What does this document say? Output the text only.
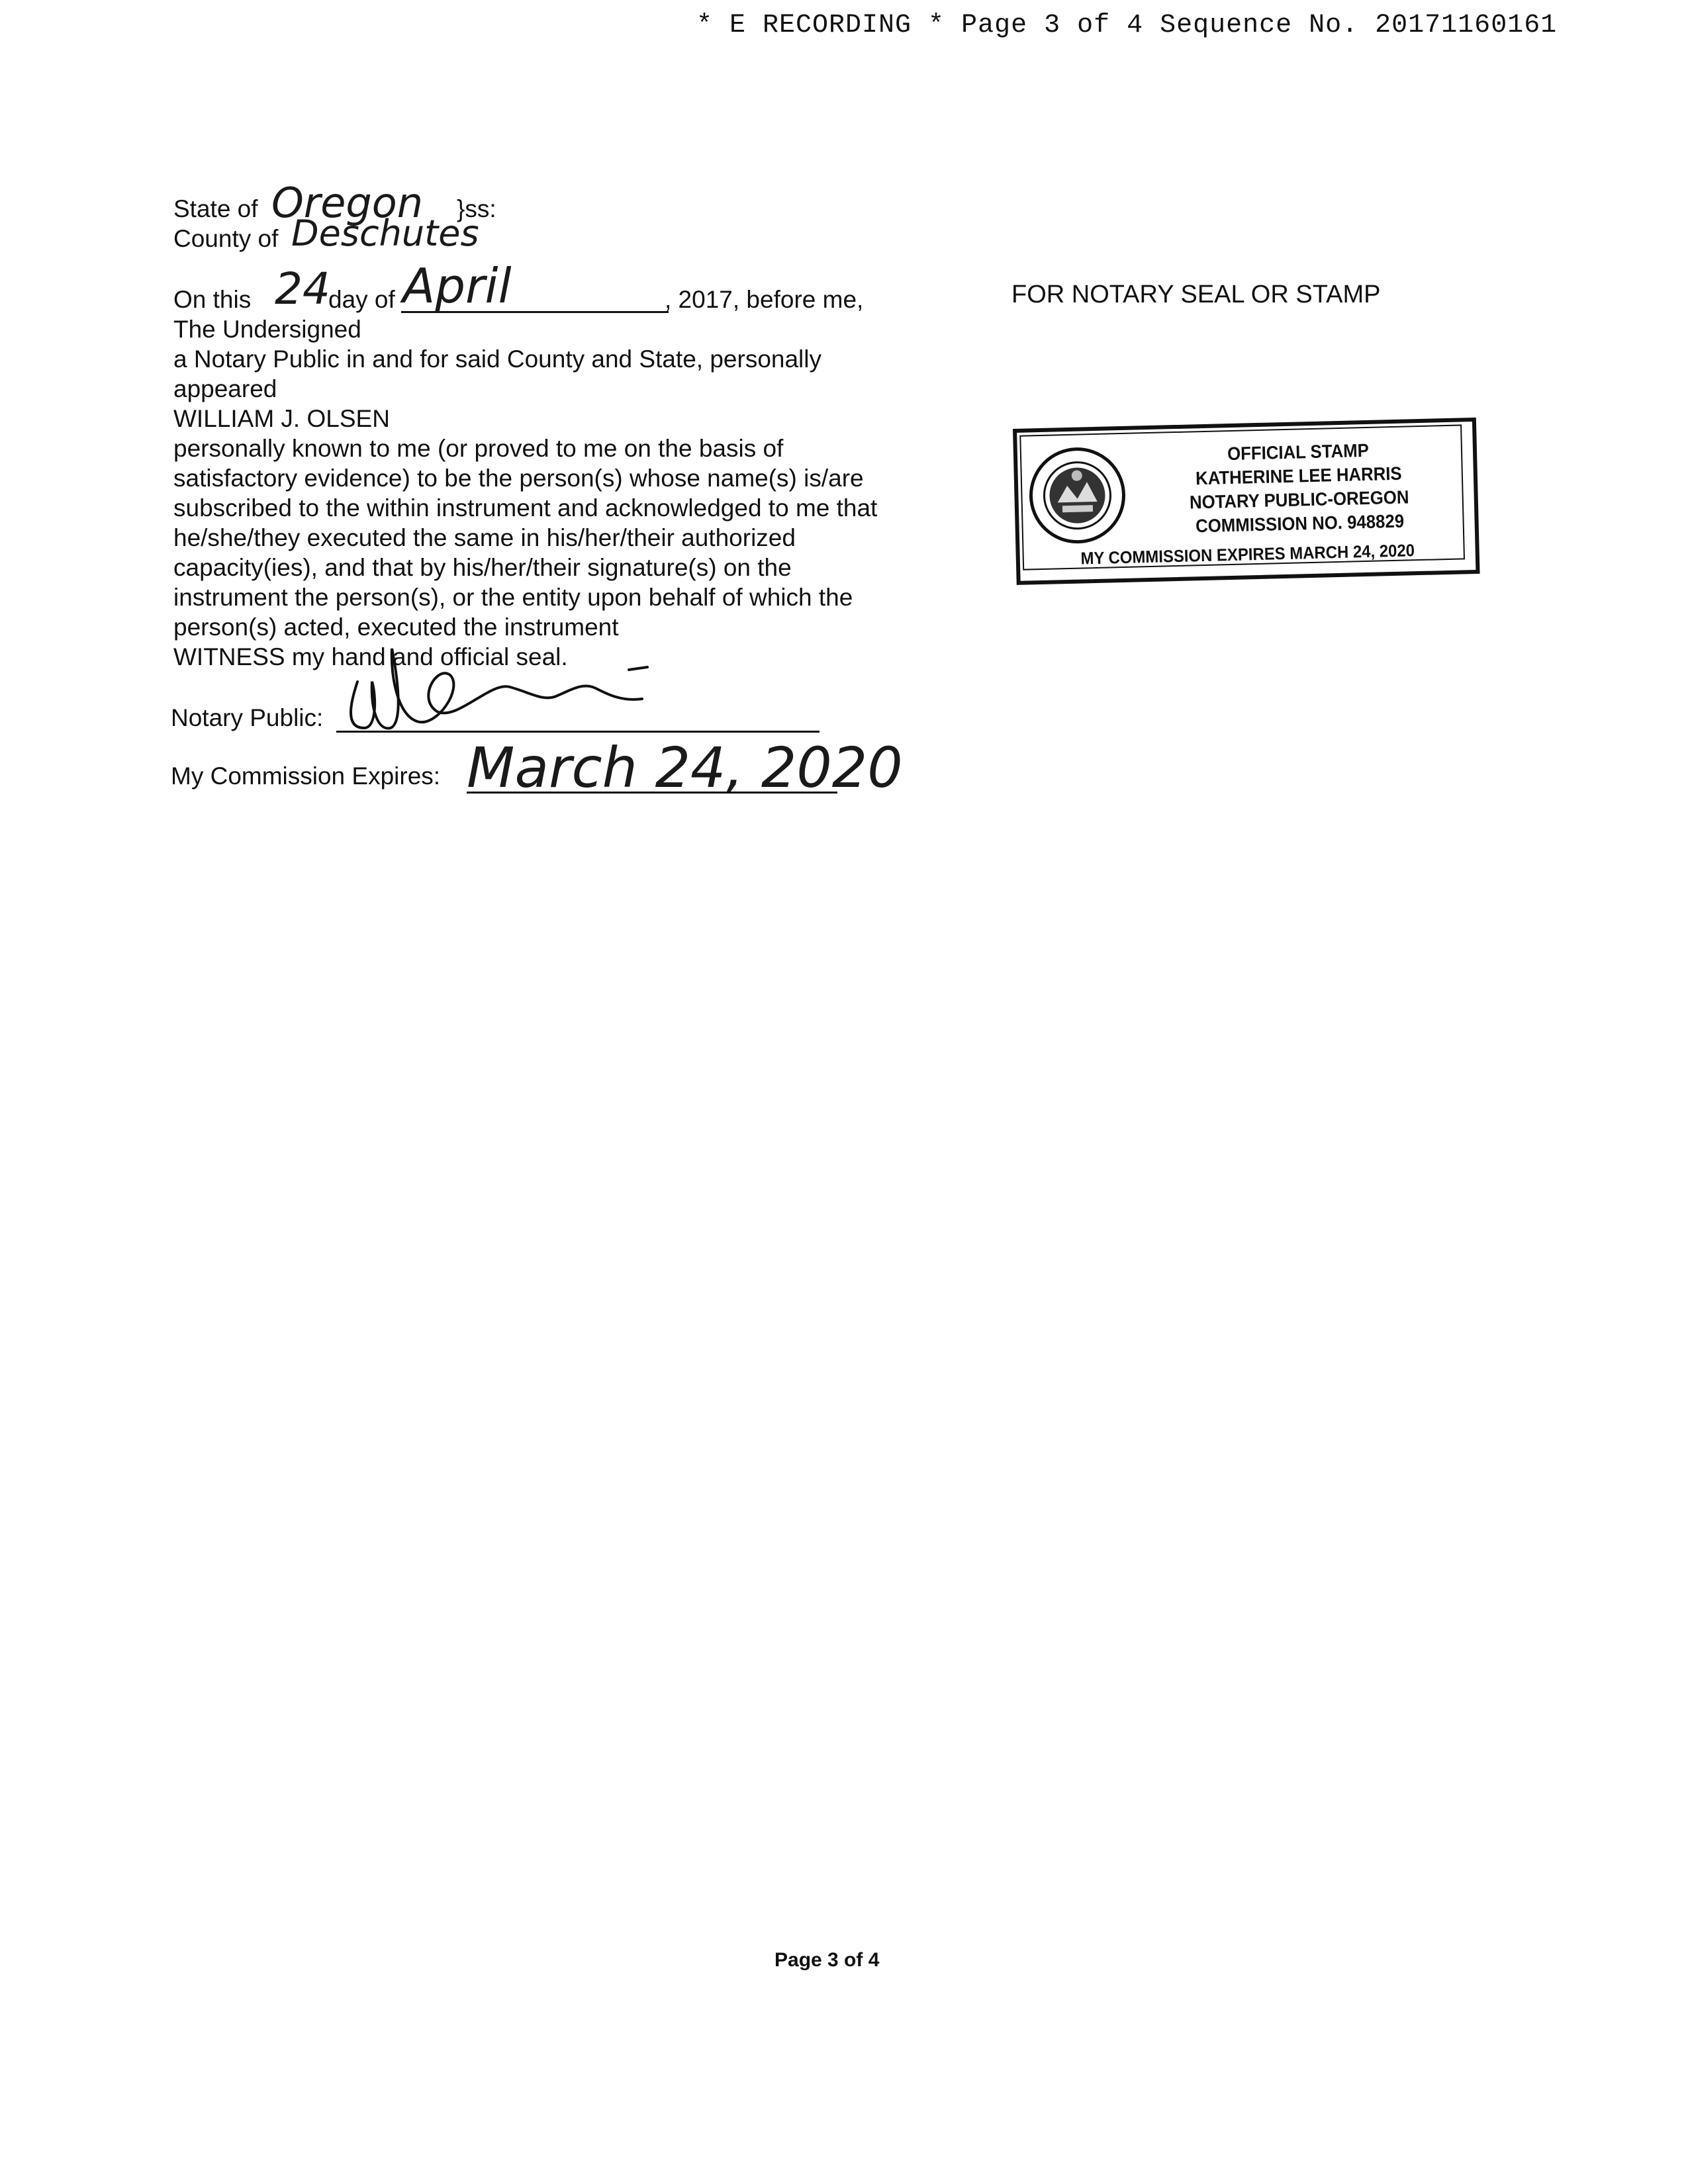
* E RECORDING * Page 3 of 4 Sequence No. 20171160161
State of Oregon }ss:
County of Deschutes
On this 24
day of April	, 2017, before me,
The Undersigned
a Notary Public in and for said County and State, personally
appeared
WILLIAM J. OLSEN
personally known to me (or proved to me on the basis of
satisfactory evidence) to be the person(s) whose name(s) is/are
subscribed to the within instrument and acknowledged to me that
he/she/they executed the same in his/her/their authorized
capacity(ies), and that by his/her/their signature(s) on the
instrument the person(s), or the entity upon behalf of which the
person(s) acted, executed the instrument
WITNESS my hand and official seal.
Notary Public:
My Commission Expires: March 24, 2020
FOR NOTARY SEAL OR STAMP
OFFICIAL STAMP
KATHERINE LEE HARRIS
NOTARY PUBLIC-OREGON
COMMISSION NO. 948829
MY COMMISSION EXPIRES MARCH 24, 2020
Page 3 of 4
